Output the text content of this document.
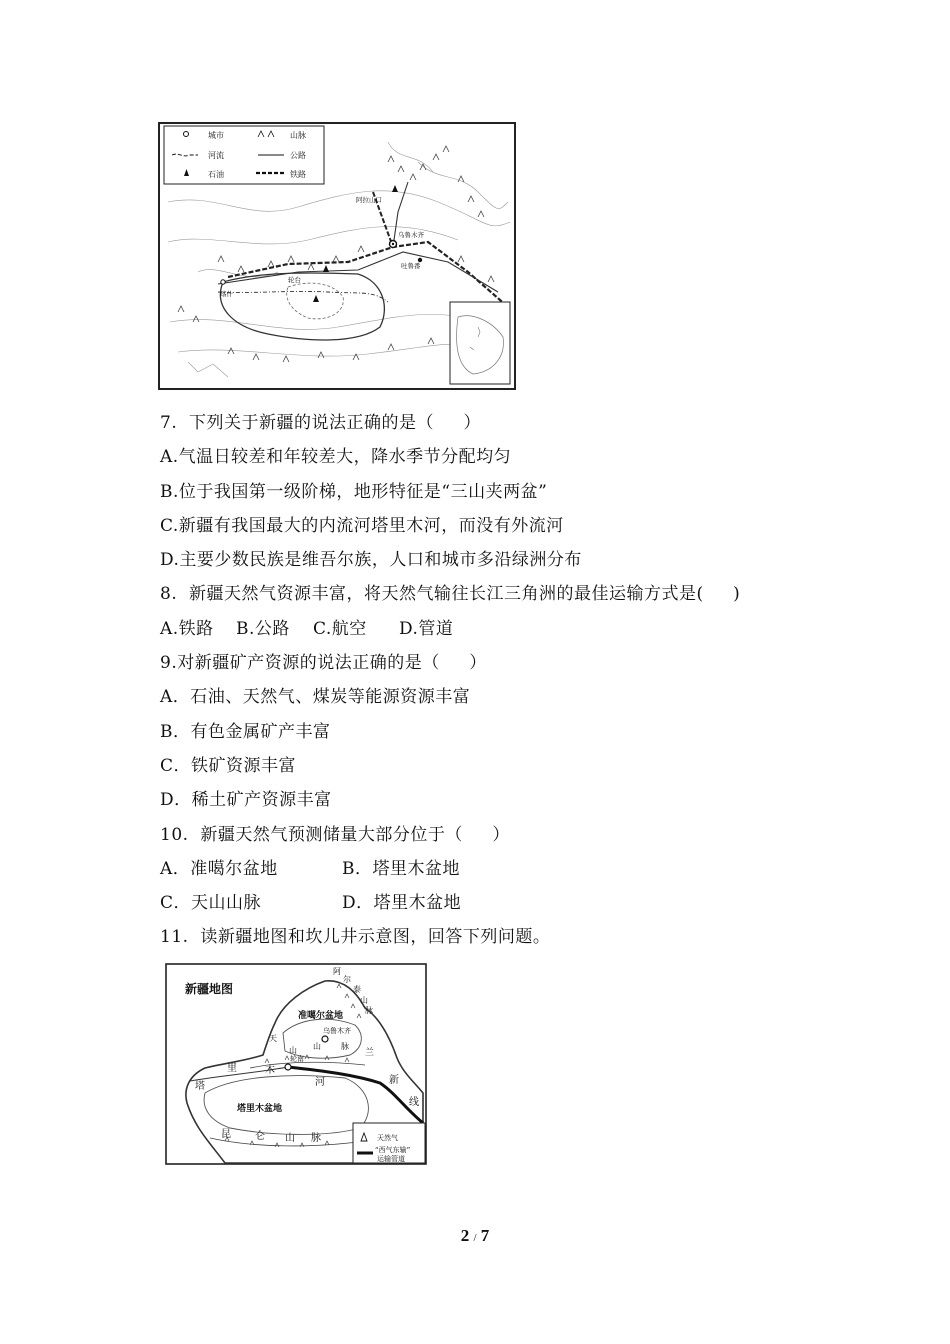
阿拉山口
乌鲁木齐
吐鲁番
喀什
轮台
城市	山脉
河流	公路
石油	铁路
7.  下列关于新疆的说法正确的是（     ）
A.气温日较差和年较差大，降水季节分配均匀
B.位于我国第一级阶梯，地形特征是“三山夹两盆”
C.新疆有我国最大的内流河塔里木河，而没有外流河
D.主要少数民族是维吾尔族，人口和城市多沿绿洲分布
8.  新疆天然气资源丰富，将天然气输往长江三角洲的最佳运输方式是(     )
A.铁路	B.公路	C.航空	D.管道
9.对新疆矿产资源的说法正确的是（     ）
A．石油、天然气、煤炭等能源资源丰富
B．有色金属矿产丰富
C．铁矿资源丰富
D．稀土矿产资源丰富
10.  新疆天然气预测储量大部分位于（     ）
A．准噶尔盆地	B．塔里木盆地
C．天山山脉	D．塔里木盆地
11.  读新疆地图和坎儿井示意图，回答下列问题。
新疆地图
阿
尔
泰
山
脉
准噶尔盆地
乌鲁木齐
天
山 山	脉
兰
轮南
里	木
河	新
线
塔
塔里木盆地
昆 仑 山 脉	天然气
“西气东输”
运输管道
2 / 7
